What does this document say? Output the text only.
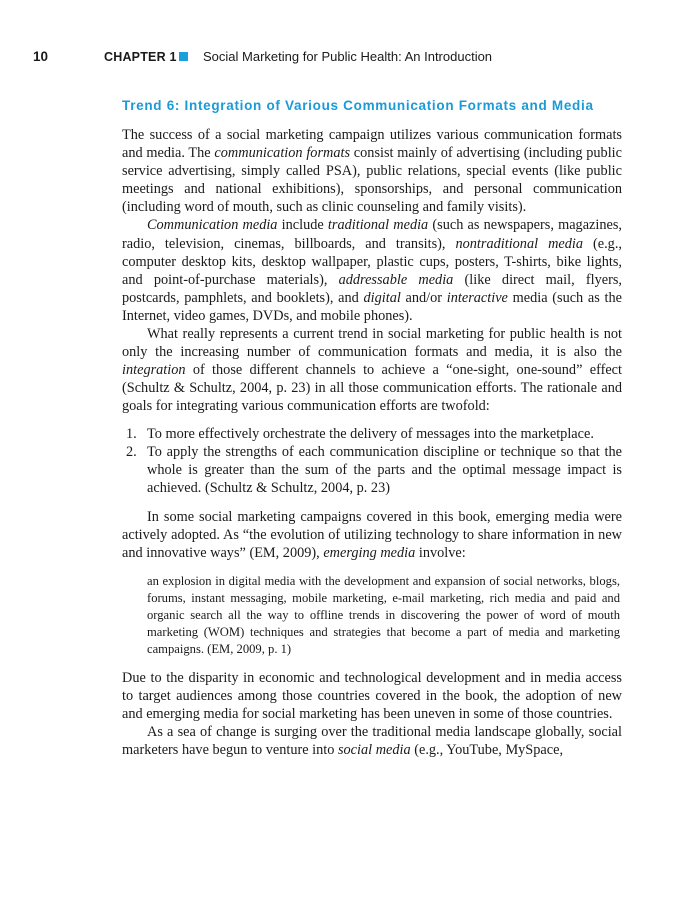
10	CHAPTER 1 Social Marketing for Public Health: An Introduction
Trend 6: Integration of Various Communication Formats and Media

The success of a social marketing campaign utilizes various communication formats and media. The communication formats consist mainly of advertising (including public service advertising, simply called PSA), public relations, special events (like public meetings and national exhibitions), sponsorships, and personal communication (including word of mouth, such as clinic counseling and family visits).

Communication media include traditional media (such as newspapers, magazines, radio, television, cinemas, billboards, and transits), nontraditional media (e.g., computer desktop kits, desktop wallpaper, plastic cups, posters, T-shirts, bike lights, and point-of-purchase materials), addressable media (like direct mail, flyers, postcards, pamphlets, and booklets), and digital and/or interactive media (such as the Internet, video games, DVDs, and mobile phones).

What really represents a current trend in social marketing for public health is not only the increasing number of communication formats and media, it is also the integration of those different channels to achieve a “one-sight, one-sound” effect (Schultz & Schultz, 2004, p. 23) in all those communication efforts. The rationale and goals for integrating various communication efforts are twofold:

1. To more effectively orchestrate the delivery of messages into the marketplace.
2. To apply the strengths of each communication discipline or technique so that the whole is greater than the sum of the parts and the optimal message impact is achieved. (Schultz & Schultz, 2004, p. 23)

In some social marketing campaigns covered in this book, emerging media were actively adopted. As “the evolution of utilizing technology to share information in new and innovative ways” (EM, 2009), emerging media involve:

an explosion in digital media with the development and expansion of social networks, blogs, forums, instant messaging, mobile marketing, e-mail marketing, rich media and paid and organic search all the way to offline trends in discovering the power of word of mouth marketing (WOM) techniques and strategies that become a part of media and marketing campaigns. (EM, 2009, p. 1)

Due to the disparity in economic and technological development and in media access to target audiences among those countries covered in the book, the adoption of new and emerging media for social marketing has been uneven in some of those countries.

As a sea of change is surging over the traditional media landscape globally, social marketers have begun to venture into social media (e.g., YouTube, MySpace,
